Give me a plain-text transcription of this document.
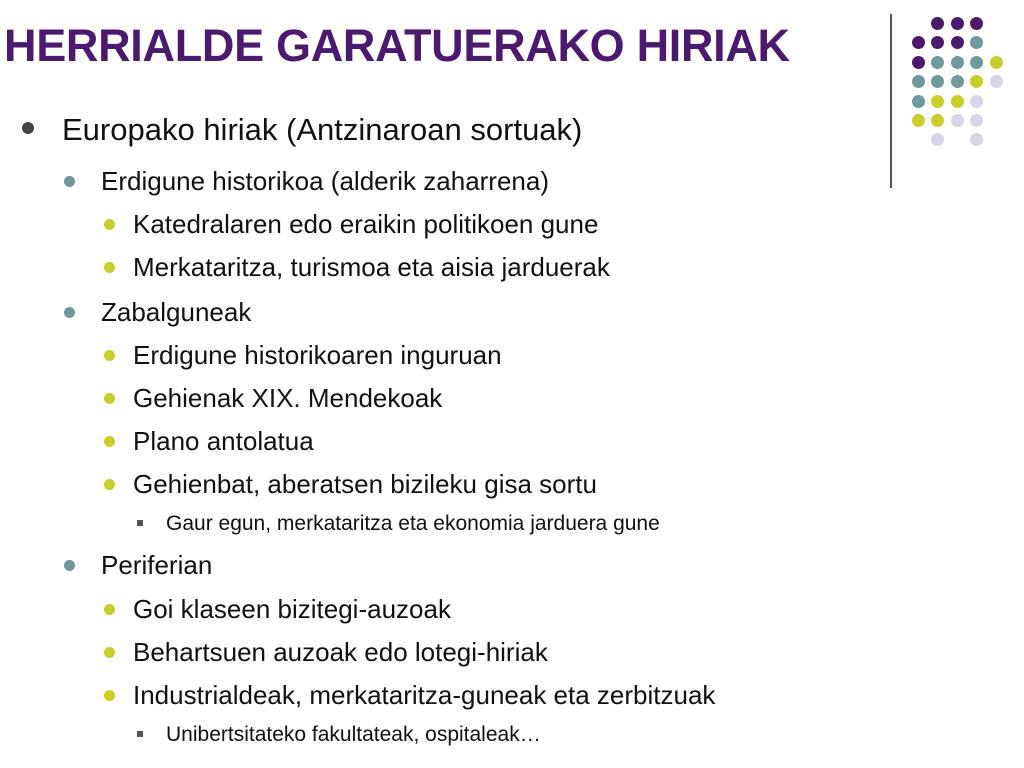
HERRIALDE GARATUERAKO HIRIAK
Europako hiriak (Antzinaroan sortuak)
Erdigune historikoa (alderik zaharrena)
Katedralaren edo eraikin politikoen gune
Merkataritza, turismoa eta aisia jarduerak
Zabalguneak
Erdigune historikoaren inguruan
Gehienak XIX. Mendekoak
Plano antolatua
Gehienbat, aberatsen bizileku gisa sortu
Gaur egun, merkataritza eta ekonomia jarduera gune
Periferian
Goi klaseen bizitegi-auzoak
Behartsuen auzoak edo lotegi-hiriak
Industrialdeak, merkataritza-guneak eta zerbitzuak
Unibertsitateko fakultateak, ospitaleak…
